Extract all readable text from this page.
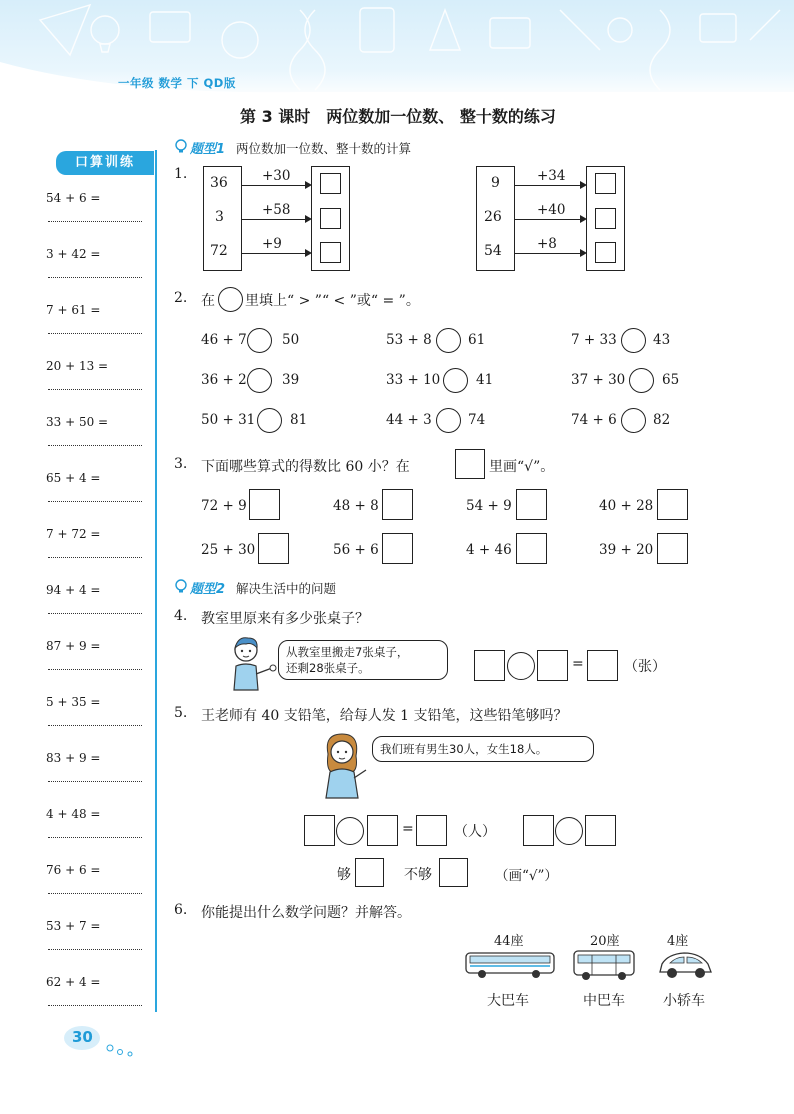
一年级 数学 下 QD版
第 3 课时　两位数加一位数、 整十数的练习
口算训练
54 + 6 =
3 + 42 =
7 + 61 =
20 + 13 =
33 + 50 =
65 + 4 =
7 + 72 =
94 + 4 =
87 + 9 =
5 + 35 =
83 + 9 =
4 + 48 =
76 + 6 =
53 + 7 =
62 + 4 =
题型1 两位数加一位数、整十数的计算
1.
36
3
72
+30
+58
+9
9
26
54
+34
+40
+8
2. 在 里填上“ > ”“ < ”或“ = ”。
46 + 7	50	53 + 8	61	7 + 33	43
36 + 2	39	33 + 10	41	37 + 30	65
50 + 31	81	44 + 3	74	74 + 6	82
3. 下面哪些算式的得数比 60 小？在	里画“√”。
72 + 9	48 + 8	54 + 9	40 + 28
25 + 30	56 + 6	4 + 46	39 + 20
题型2 解决生活中的问题
4. 教室里原来有多少张桌子？
从教室里搬走7张桌子，
还剩28张桌子。	=	（张）
5. 王老师有 40 支铅笔，给每人发 1 支铅笔，这些铅笔够吗？
我们班有男生30人，女生18人。
=	（人）
够	不够	（画“√”）
6. 你能提出什么数学问题？并解答。
44座	20座	4座
大巴车	中巴车	小轿车
30
